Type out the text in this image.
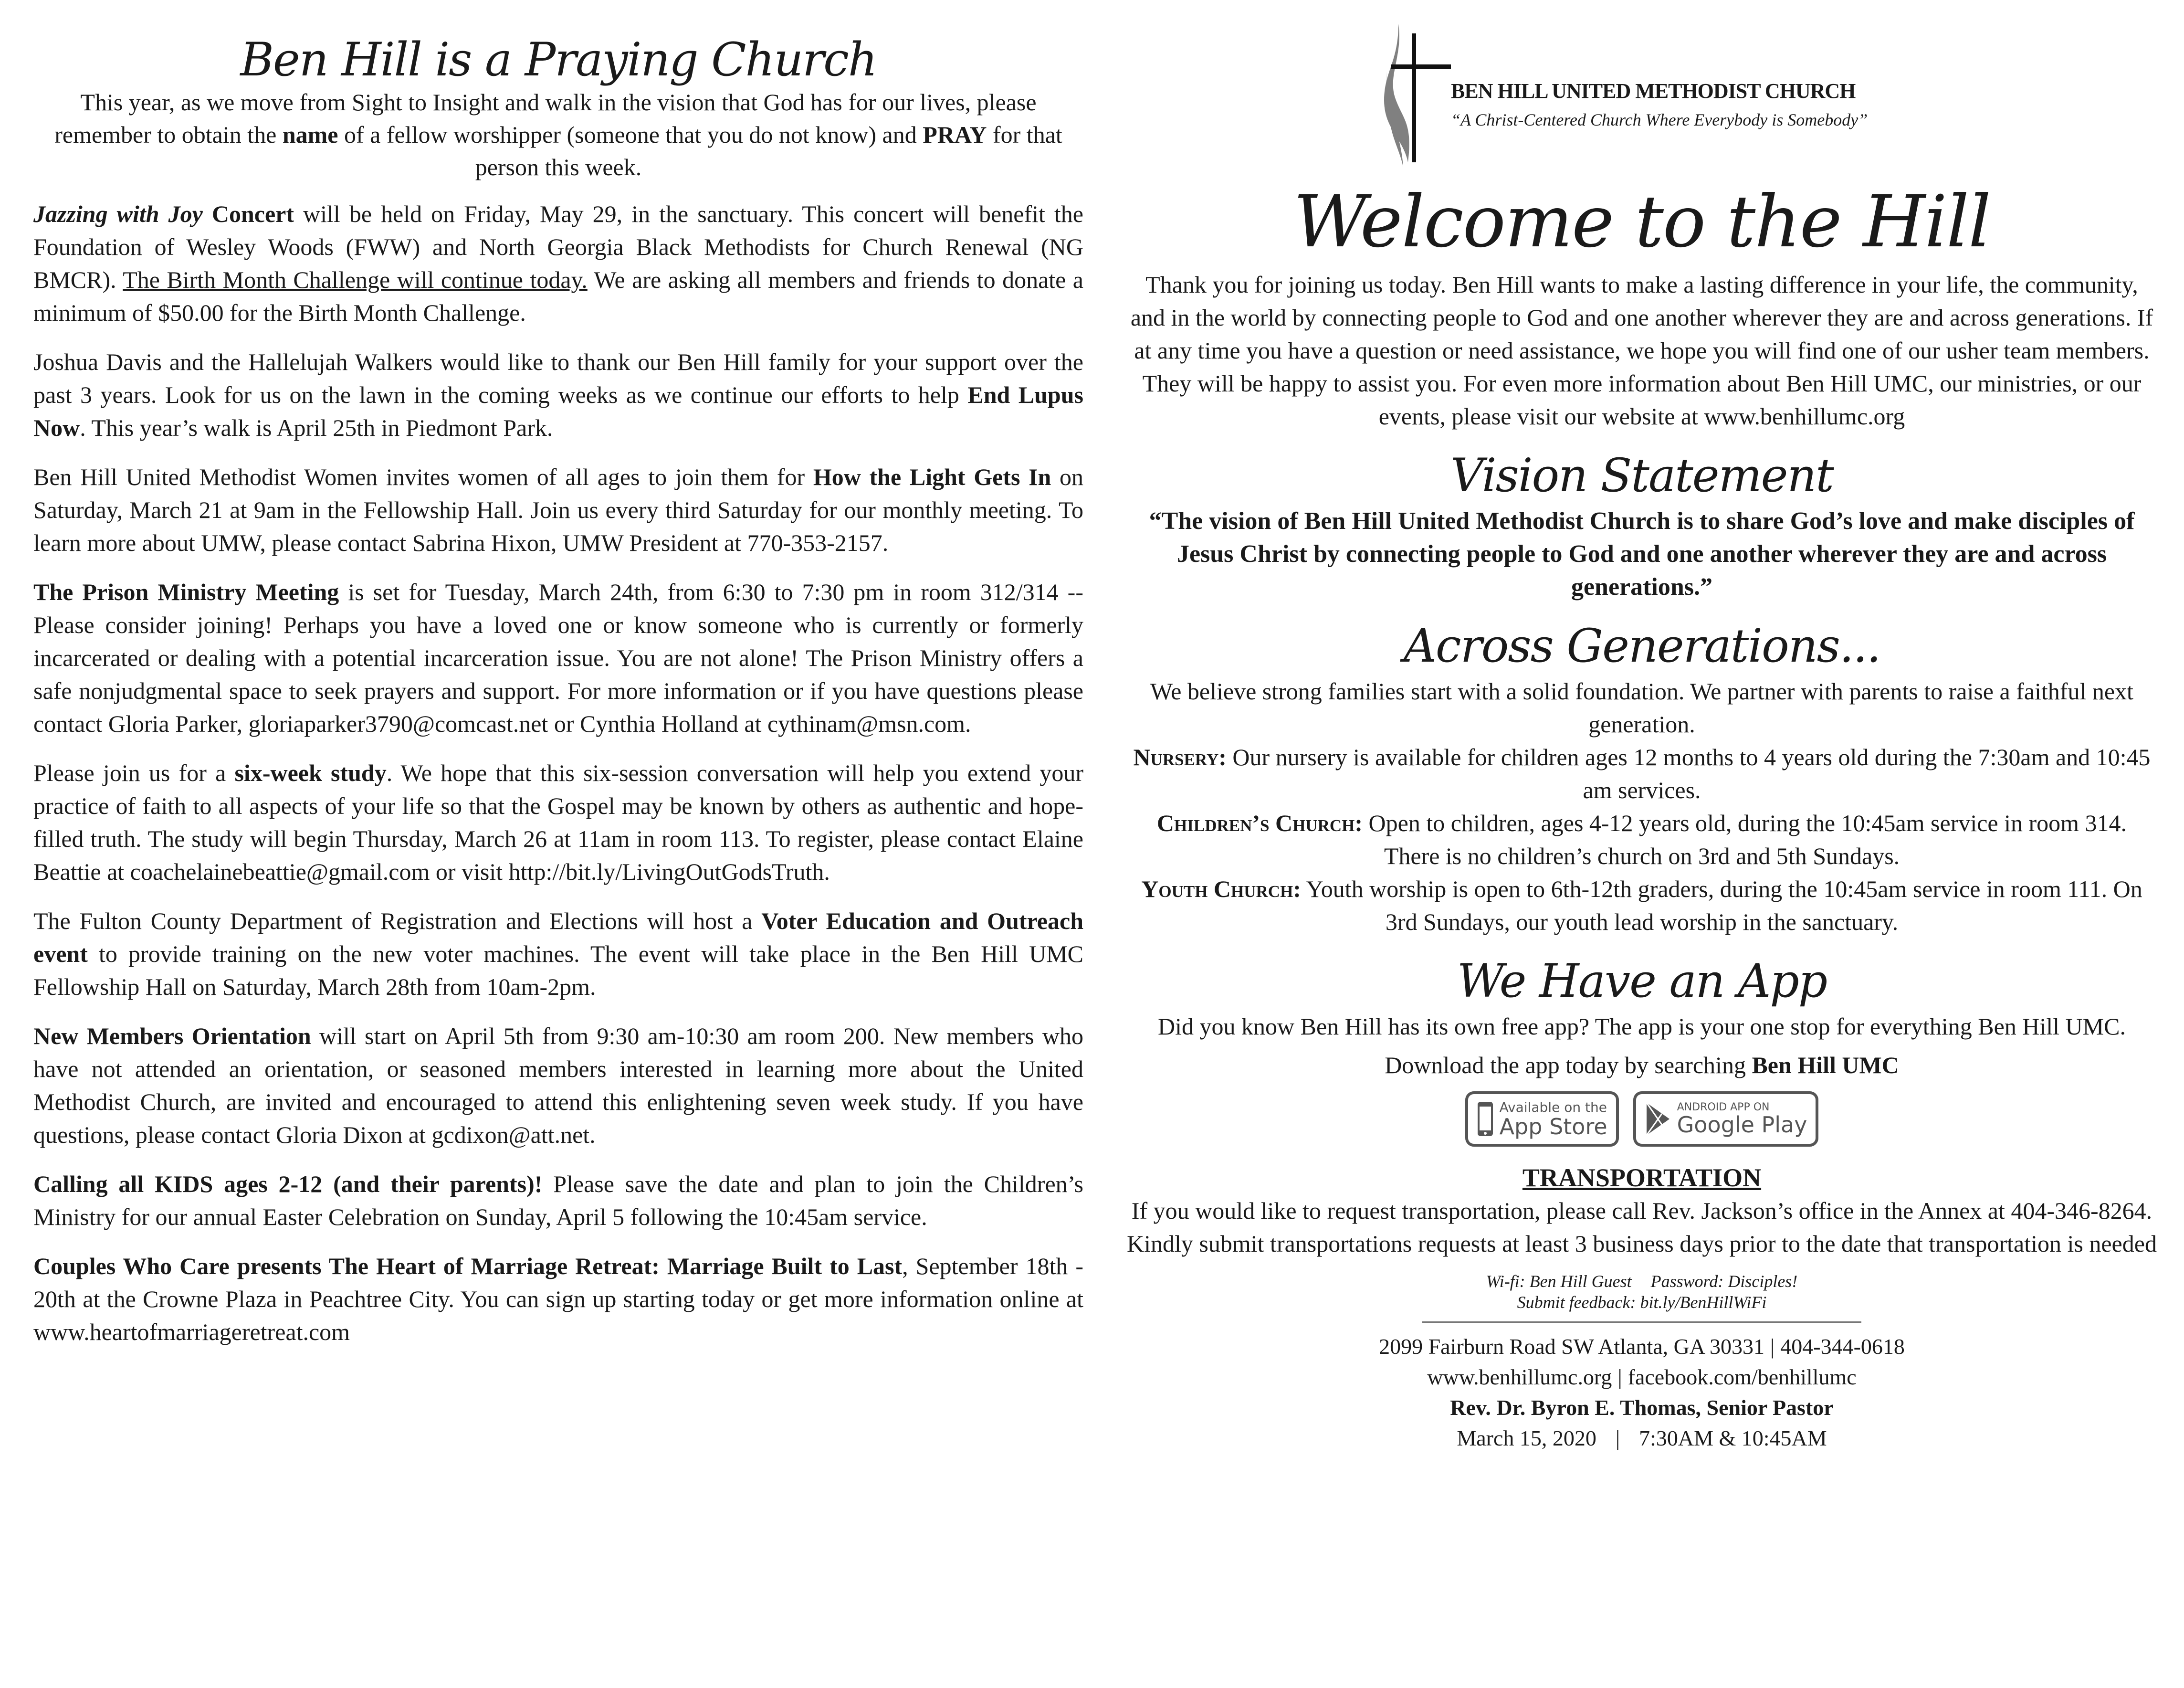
Ben Hill is a Praying Church

This year, as we move from Sight to Insight and walk in the vision that God has for our lives, please remember to obtain the name of a fellow worshipper (someone that you do not know) and PRAY for that person this week.

Jazzing with Joy Concert will be held on Friday, May 29, in the sanctuary. This concert will benefit the Foundation of Wesley Woods (FWW) and North Georgia Black Methodists for Church Renewal (NG BMCR). The Birth Month Challenge will continue today. We are asking all members and friends to donate a minimum of $50.00 for the Birth Month Challenge.

Joshua Davis and the Hallelujah Walkers would like to thank our Ben Hill family for your support over the past 3 years. Look for us on the lawn in the coming weeks as we continue our efforts to help End Lupus Now. This year’s walk is April 25th in Piedmont Park.

Ben Hill United Methodist Women invites women of all ages to join them for How the Light Gets In on Saturday, March 21 at 9am in the Fellowship Hall. Join us every third Saturday for our monthly meeting. To learn more about UMW, please contact Sabrina Hixon, UMW President at 770-353-2157.

The Prison Ministry Meeting is set for Tuesday, March 24th, from 6:30 to 7:30 pm in room 312/314 -- Please consider joining! Perhaps you have a loved one or know someone who is currently or formerly incarcerated or dealing with a potential incarceration issue. You are not alone! The Prison Ministry offers a safe nonjudgmental space to seek prayers and support. For more information or if you have questions please contact Gloria Parker, gloriaparker3790@comcast.net or Cynthia Holland at cythinam@msn.com.

Please join us for a six-week study. We hope that this six-session conversation will help you extend your practice of faith to all aspects of your life so that the Gospel may be known by others as authentic and hope-filled truth. The study will begin Thursday, March 26 at 11am in room 113. To register, please contact Elaine Beattie at coachelainebeattie@gmail.com or visit http://bit.ly/LivingOutGodsTruth.

The Fulton County Department of Registration and Elections will host a Voter Education and Outreach event to provide training on the new voter machines. The event will take place in the Ben Hill UMC Fellowship Hall on Saturday, March 28th from 10am-2pm.

New Members Orientation will start on April 5th from 9:30 am-10:30 am room 200. New members who have not attended an orientation, or seasoned members interested in learning more about the United Methodist Church, are invited and encouraged to attend this enlightening seven week study. If you have questions, please contact Gloria Dixon at gcdixon@att.net.

Calling all KIDS ages 2-12 (and their parents)! Please save the date and plan to join the Children’s Ministry for our annual Easter Celebration on Sunday, April 5 following the 10:45am service.

Couples Who Care presents The Heart of Marriage Retreat: Marriage Built to Last, September 18th - 20th at the Crowne Plaza in Peachtree City. You can sign up starting today or get more information online at www.heartofmarriageretreat.com

BEN HILL UNITED METHODIST CHURCH
“A Christ-Centered Church Where Everybody is Somebody”
Welcome to the Hill

Thank you for joining us today. Ben Hill wants to make a lasting difference in your life, the community, and in the world by connecting people to God and one another wherever they are and across generations. If at any time you have a question or need assistance, we hope you will find one of our usher team members. They will be happy to assist you. For even more information about Ben Hill UMC, our ministries, or our events, please visit our website at www.benhillumc.org

Vision Statement

“The vision of Ben Hill United Methodist Church is to share God’s love and make disciples of Jesus Christ by connecting people to God and one another wherever they are and across generations.”

Across Generations...

We believe strong families start with a solid foundation. We partner with parents to raise a faithful next generation.

Nursery: Our nursery is available for children ages 12 months to 4 years old during the 7:30am and 10:45 am services.

Children’s Church: Open to children, ages 4-12 years old, during the 10:45am service in room 314. There is no children’s church on 3rd and 5th Sundays.

Youth Church: Youth worship is open to 6th-12th graders, during the 10:45am service in room 111. On 3rd Sundays, our youth lead worship in the sanctuary.

We Have an App

Did you know Ben Hill has its own free app? The app is your one stop for everything Ben Hill UMC.

Download the app today by searching Ben Hill UMC

Available on the
App Store
ANDROID APP ON
Google Play
TRANSPORTATION

If you would like to request transportation, please call Rev. Jackson’s office in the Annex at 404-346-8264. Kindly submit transportations requests at least 3 business days prior to the date that transportation is needed

Wi-fi: Ben Hill Guest Password: Disciples!
Submit feedback: bit.ly/BenHillWiFi

2099 Fairburn Road SW Atlanta, GA 30331 | 404-344-0618

www.benhillumc.org | facebook.com/benhillumc

Rev. Dr. Byron E. Thomas, Senior Pastor

March 15, 2020 | 7:30AM & 10:45AM
